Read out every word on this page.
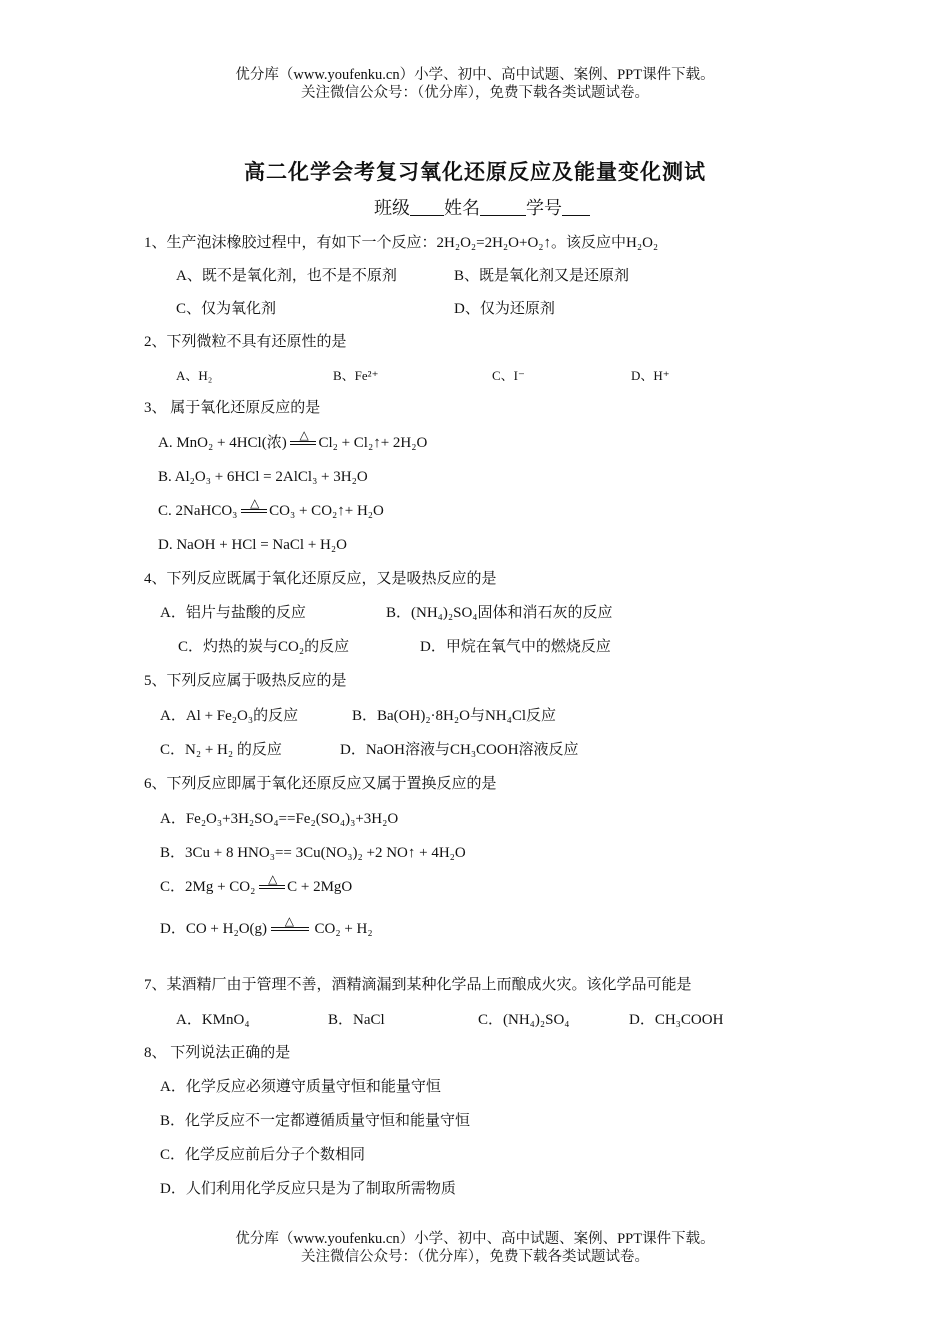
优分库（www.youfenku.cn）小学、初中、高中试题、案例、PPT课件下载。
关注微信公众号：（优分库），免费下载各类试题试卷。
高二化学会考复习氧化还原反应及能量变化测试
班级 姓名	学号
1、生产泡沫橡胶过程中，有如下一个反应：2H₂O₂=2H₂O+O₂↑。该反应中H₂O₂
A、既不是氧化剂，也不是不原剂	B、既是氧化剂又是还原剂
C、仅为氧化剂	D、仅为还原剂
2、下列微粒不具有还原性的是
A、H₂	B、Fe²⁺	C、I⁻	D、H⁺
3、 属于氧化还原反应的是
A. MnO₂ + 4HCl(浓)
△
Cl₂ + Cl₂↑+ 2H₂O
B. Al₂O₃ + 6HCl = 2AlCl₃ + 3H₂O
C. 2NaHCO₃
△
CO₃ + CO₂↑+ H₂O
D. NaOH + HCl = NaCl + H₂O
4、下列反应既属于氧化还原反应，又是吸热反应的是
A．铝片与盐酸的反应	B．(NH₄)₂SO₄固体和消石灰的反应
C．灼热的炭与CO₂的反应	D．甲烷在氧气中的燃烧反应
5、下列反应属于吸热反应的是
A．Al + Fe₂O₃的反应	B．Ba(OH)₂·8H₂O与NH₄Cl反应
C．N₂ + H₂ 的反应	D．NaOH溶液与CH₃COOH溶液反应
6、下列反应即属于氧化还原反应又属于置换反应的是
A．Fe₂O₃+3H₂SO₄==Fe₂(SO₄)₃+3H₂O
B．3Cu + 8 HNO₃== 3Cu(NO₃)₂ +2 NO↑ + 4H₂O
C．2Mg + CO₂
△
C + 2MgO
D．CO + H₂O(g)
△
CO₂ + H₂
7、某酒精厂由于管理不善，酒精滴漏到某种化学品上而酿成火灾。该化学品可能是
A．KMnO₄	B．NaCl	C．(NH₄)₂SO₄	D．CH₃COOH
8、 下列说法正确的是
A．化学反应必须遵守质量守恒和能量守恒
B．化学反应不一定都遵循质量守恒和能量守恒
C．化学反应前后分子个数相同
D．人们利用化学反应只是为了制取所需物质
优分库（www.youfenku.cn）小学、初中、高中试题、案例、PPT课件下载。
关注微信公众号：（优分库），免费下载各类试题试卷。
